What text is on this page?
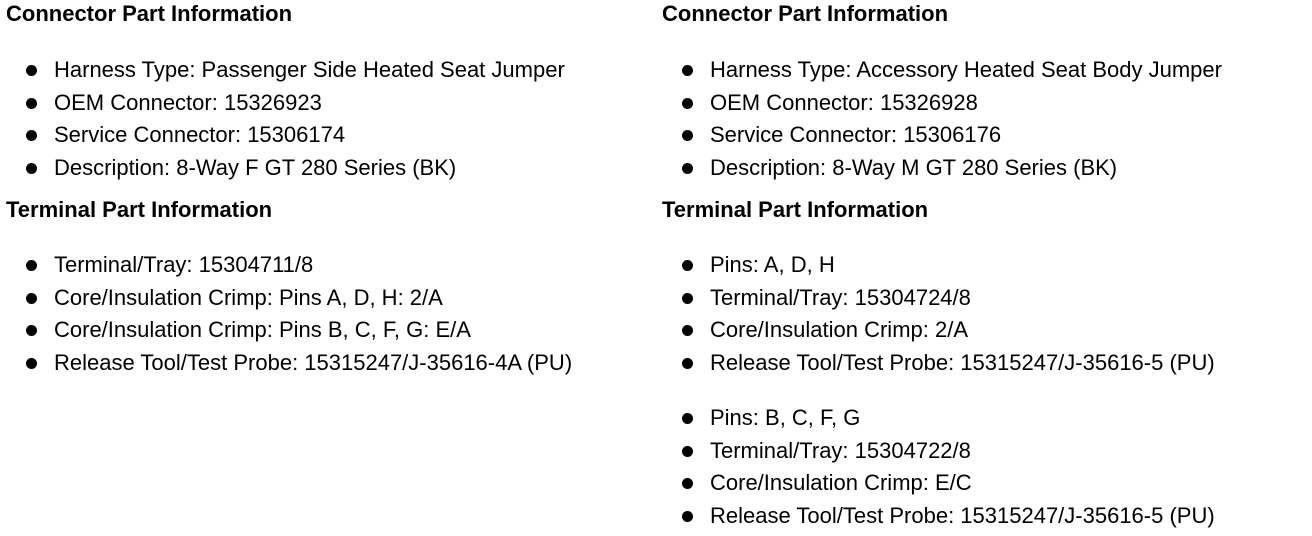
Connector Part Information
Harness Type: Passenger Side Heated Seat Jumper
OEM Connector: 15326923
Service Connector: 15306174
Description: 8-Way F GT 280 Series (BK)
Terminal Part Information
Terminal/Tray: 15304711/8
Core/Insulation Crimp: Pins A, D, H: 2/A
Core/Insulation Crimp: Pins B, C, F, G: E/A
Release Tool/Test Probe: 15315247/J-35616-4A (PU)
Connector Part Information
Harness Type: Accessory Heated Seat Body Jumper
OEM Connector: 15326928
Service Connector: 15306176
Description: 8-Way M GT 280 Series (BK)
Terminal Part Information
Pins: A, D, H
Terminal/Tray: 15304724/8
Core/Insulation Crimp: 2/A
Release Tool/Test Probe: 15315247/J-35616-5 (PU)
Pins: B, C, F, G
Terminal/Tray: 15304722/8
Core/Insulation Crimp: E/C
Release Tool/Test Probe: 15315247/J-35616-5 (PU)
